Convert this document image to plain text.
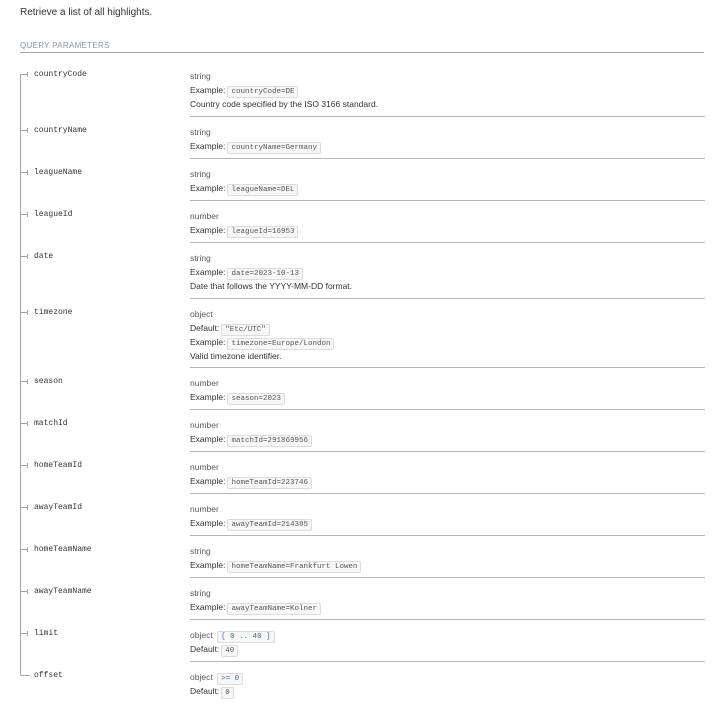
Retrieve a list of all highlights.
QUERY PARAMETERS
countryCode	string
Example: countryCode=DE
Country code specified by the ISO 3166 standard.
countryName	string
Example: countryName=Germany
leagueName	string
Example: leagueName=DEL
leagueId	number
Example: leagueId=16953
date	string
Example: date=2023-10-13
Date that follows the YYYY-MM-DD format.
timezone	object
Default: "Etc/UTC"
Example: timezone=Europe/London
Valid timezone identifier.
season	number
Example: season=2023
matchId	number
Example: matchId=291869956
homeTeamId	number
Example: homeTeamId=223746
awayTeamId	number
Example: awayTeamId=214385
homeTeamName	string
Example: homeTeamName=Frankfurt Lowen
awayTeamName	string
Example: awayTeamName=Kolner
limit	object [ 0 .. 40 ]
Default: 40
offset	object >= 0
Default: 0
